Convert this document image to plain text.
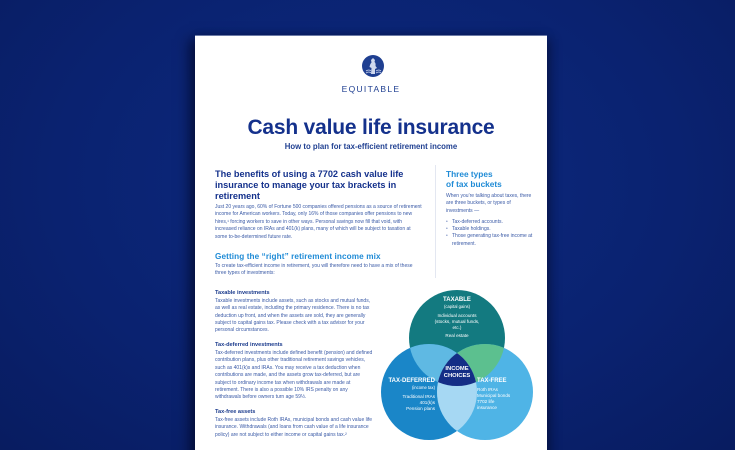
EQUITABLE
Cash value life insurance
How to plan for tax-efficient retirement income
The benefits of using a 7702 cash value life insurance to manage your tax brackets in retirement
Just 20 years ago, 60% of Fortune 500 companies offered pensions as a source of retirement income for American workers. Today, only 16% of those companies offer pensions to new hires,¹ forcing workers to save in other ways. Personal savings now fill that void, with increased reliance on IRAs and 401(k) plans, many of which will be subject to taxation at some to-be-determined future rate.
Getting the “right” retirement income mix
To create tax-efficient income in retirement, you will therefore need to have a mix of these three types of investments:
Taxable investments
Taxable investments include assets, such as stocks and mutual funds, as well as real estate, including the primary residence. There is no tax deduction up front, and when the assets are sold, they are generally subject to capital gains tax. Please check with a tax advisor for your personal circumstances.
Tax-deferred investments
Tax-deferred investments include defined benefit (pension) and defined contribution plans, plus other traditional retirement savings vehicles, such as 401(k)s and IRAs. You may receive a tax deduction when contributions are made, and the assets grow tax-deferred, but are subject to ordinary income tax when withdrawals are made at retirement. There is also a possible 10% IRS penalty on any withdrawals before owners turn age 59½.
Tax-free assets
Tax-free assets include Roth IRAs, municipal bonds and cash value life insurance. Withdrawals (and loans from cash value of a life insurance policy) are not subject to either income or capital gains tax.²
Three types
of tax buckets
When you’re talking about taxes, there are three buckets, or types of investments —
• Tax-deferred accounts.
• Taxable holdings.
• Those generating tax-free income at retirement.
TAXABLE
(capital gains)
Individual accounts (stocks, mutual funds, etc.)
Real estate
INCOME
CHOICES
TAX-DEFERRED
(income tax)
Traditional IRAs
401(k)s
Pension plans
TAX-FREE
Roth IRAs
Municipal bonds
7702 life insurance
